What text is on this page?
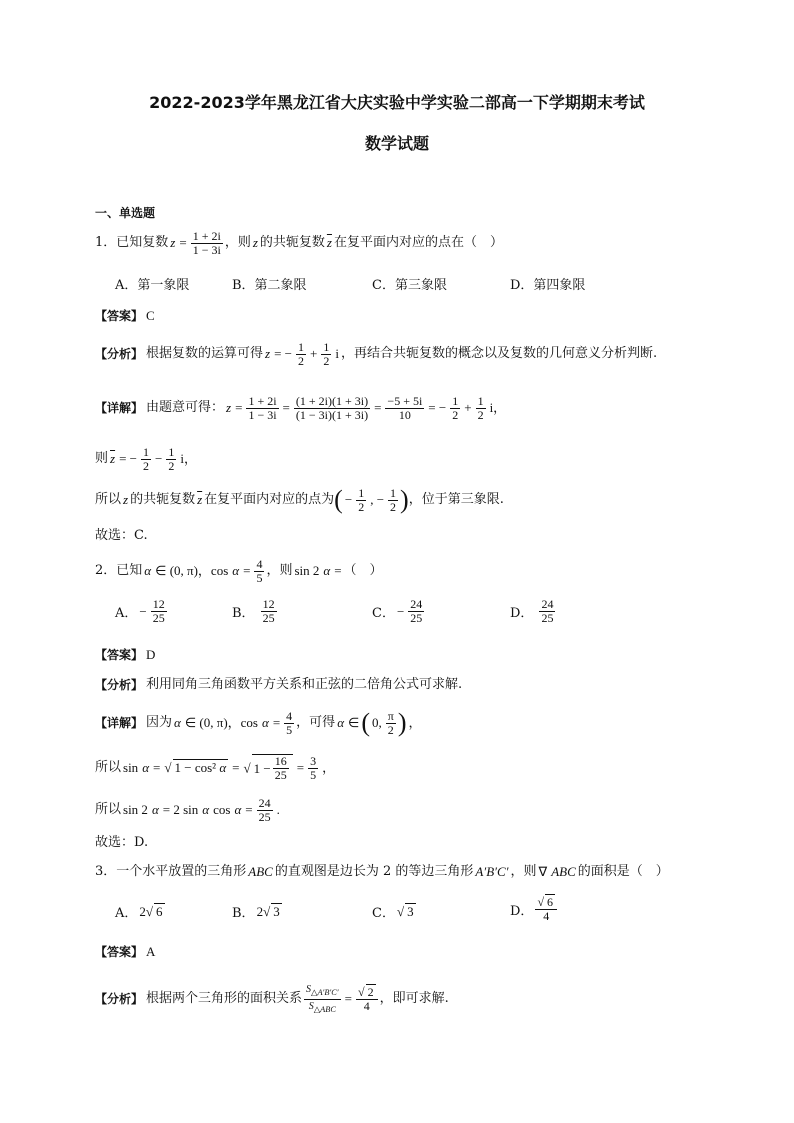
2022-2023学年黑龙江省大庆实验中学实验二部高一下学期期末考试
数学试题
一、单选题
1． 已知复数 $z = \frac{1 + 2i}{1 - 3i}$ ，则 z 的共轭复数 $\overline{z}$ 在复平面内对应的点在（　）
A．第一象限	B．第二象限	C．第三象限	D．第四象限
【答案】 C
【分析】 根据复数的运算可得 z = − $\frac{1}{2} + \frac{1}{2}$ i ，再结合共轭复数的概念以及复数的几何意义分析判断.
【详解】 由题意可得： $z = \frac{1 + 2i}{1 - 3i} = \frac{(1 + 2i)(1 + 3i)}{(1 - 3i)(1 + 3i)} = \frac{-5 + 5i}{10}$ = − $\frac{1}{2} + \frac{1}{2}$ i，
则 $\overline{z}$ = − $\frac{1}{2} - \frac{1}{2}$ i，
所以 z 的共轭复数 $\overline{z}$ 在复平面内对应的点为 ( − $\frac{1}{2}$ , − $\frac{1}{2}$ ) ，位于第三象限.
故选：C.
2． 已知 α ∈ (0, π)，$\cos \alpha = \frac{4}{5}$ ，则 sin 2 α = （　）
A． − $\frac{12}{25}$	B． $\frac{12}{25}$	C． − $\frac{24}{25}$	D． $\frac{24}{25}$
【答案】 D
【分析】 利用同角三角函数平方关系和正弦的二倍角公式可求解.
【详解】 因为 α ∈ (0, π)，$\cos \alpha = \frac{4}{5}$ ，可得 α ∈ ( 0, $\frac{\pi}{2}$ ) ，
所以 sin α = √ 1 − cos² α = √ $1 - \frac{16}{25} = \frac{3}{5}$ ，
所以 sin 2 α = 2 sin α $\cos \alpha = \frac{24}{25}$ .
故选：D.
3． 一个水平放置的三角形 ABC 的直观图是边长为 2 的等边三角形 A′B′C′ ，则 ∇ ABC 的面积是（　）
A． 2√ 6	B． 2√ 3	C． √ 3	D． $\frac{√ 6}{4}$
【答案】 A
【分析】 根据两个三角形的面积关系 $\frac{S_{\triangle A'B'C'}}{S_{\triangle ABC}} = \frac{√ 2}{4}$ ，即可求解.
